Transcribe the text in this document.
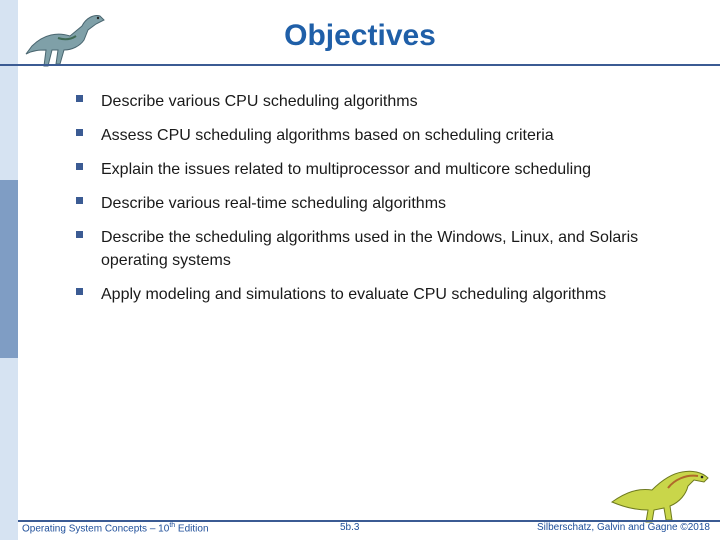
Objectives
Describe various CPU scheduling algorithms
Assess CPU scheduling algorithms based on scheduling criteria
Explain the issues related to multiprocessor and multicore scheduling
Describe various real-time scheduling algorithms
Describe the scheduling algorithms used in the Windows, Linux, and Solaris operating systems
Apply modeling and simulations to evaluate CPU scheduling algorithms
Operating System Concepts – 10th Edition	5b.3	Silberschatz, Galvin and Gagne ©2018
